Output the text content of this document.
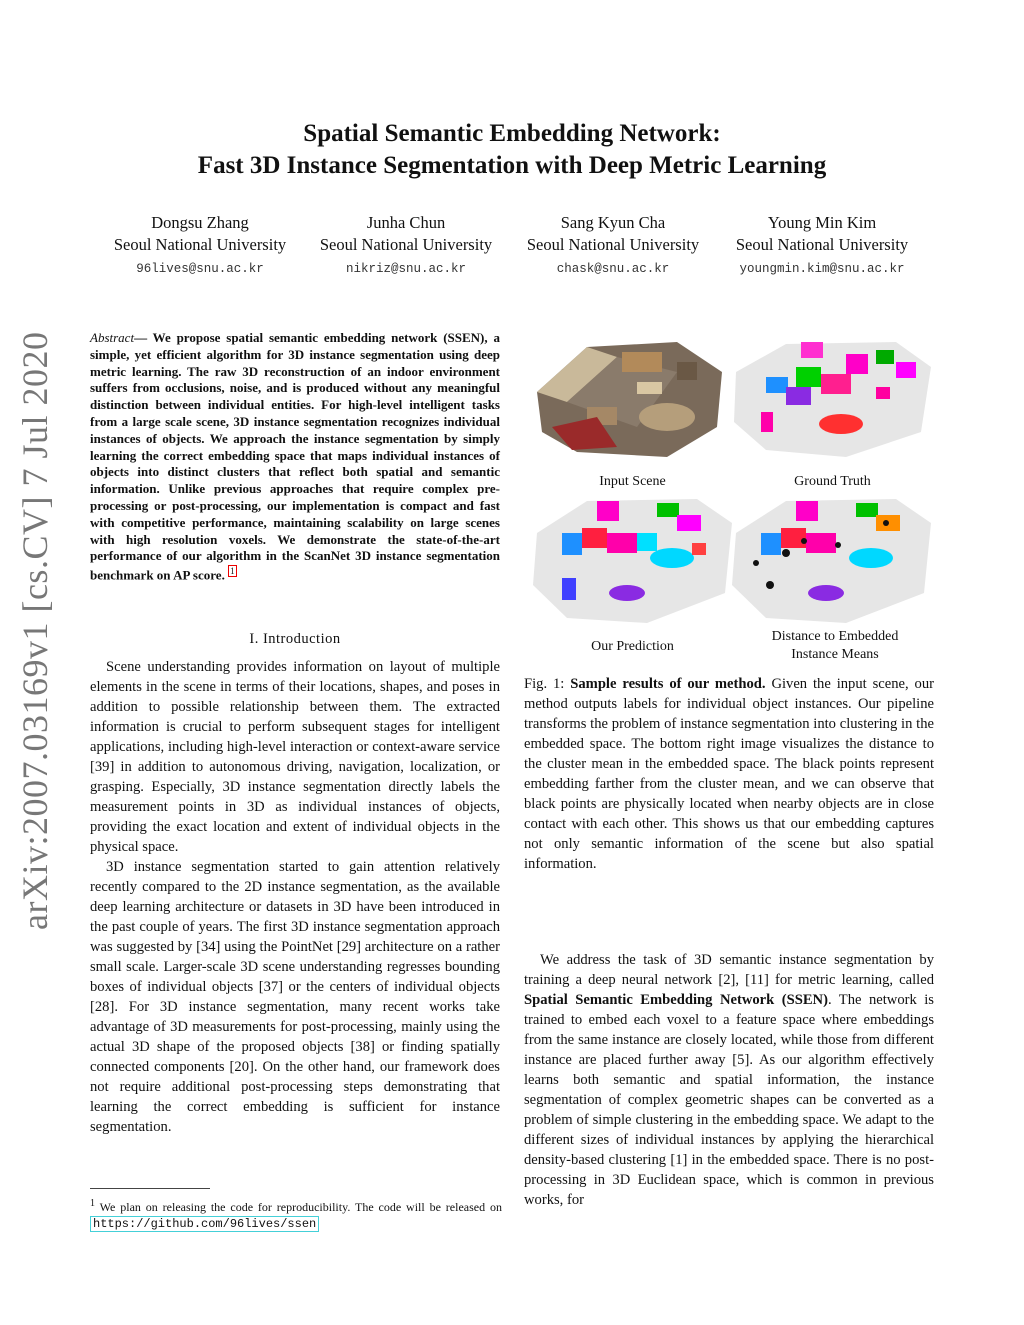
Spatial Semantic Embedding Network:
Fast 3D Instance Segmentation with Deep Metric Learning
Dongsu Zhang
Seoul National University
96lives@snu.ac.kr
Junha Chun
Seoul National University
nikriz@snu.ac.kr
Sang Kyun Cha
Seoul National University
chask@snu.ac.kr
Young Min Kim
Seoul National University
youngmin.kim@snu.ac.kr
arXiv:2007.03169v1 [cs.CV] 7 Jul 2020	Abstract— We propose spatial semantic embedding network (SSEN), a simple, yet efficient algorithm for 3D instance segmentation using deep metric learning. The raw 3D reconstruction of an indoor environment suffers from occlusions, noise, and is produced without any meaningful distinction between individual entities. For high-level intelligent tasks from a large scale scene, 3D instance segmentation recognizes individual instances of objects. We approach the instance segmentation by simply learning the correct embedding space that maps individual instances of objects into distinct clusters that reflect both spatial and semantic information. Unlike previous approaches that require complex pre-processing or post-processing, our implementation is compact and fast with competitive performance, maintaining scalability on large scenes with high resolution voxels. We demonstrate the state-of-the-art performance of our algorithm in the ScanNet 3D instance segmentation benchmark on AP score. 1
I. Introduction

Scene understanding provides information on layout of multiple elements in the scene in terms of their locations, shapes, and poses in addition to possible relationship between them. The extracted information is crucial to perform subsequent stages for intelligent applications, including high-level interaction or context-aware service [39] in addition to autonomous driving, navigation, localization, or grasping. Especially, 3D instance segmentation directly labels the measurement points in 3D as individual instances of objects, providing the exact location and extent of individual objects in the physical space.

3D instance segmentation started to gain attention relatively recently compared to the 2D instance segmentation, as the available deep learning architecture or datasets in 3D have been introduced in the past couple of years. The first 3D instance segmentation approach was suggested by [34] using the PointNet [29] architecture on a rather small scale. Larger-scale 3D scene understanding regresses bounding boxes of individual objects [37] or the centers of individual objects [28]. For 3D instance segmentation, many recent works take advantage of 3D measurements for post-processing, mainly using the actual 3D shape of the proposed objects [38] or finding spatially connected components [20]. On the other hand, our framework does not require additional post-processing steps demonstrating that learning the correct embedding is sufficient for instance segmentation.

$^1$ We plan on releasing the code for reproducibility. The code will be released on https://github.com/96lives/ssen
Input Scene	Ground Truth
Our Prediction
Distance to Embedded Instance Means
Fig. 1: Sample results of our method. Given the input scene, our method outputs labels for individual object instances. Our pipeline transforms the problem of instance segmentation into clustering in the embedded space. The bottom right image visualizes the distance to the cluster mean in the embedded space. The black points represent embedding farther from the cluster mean, and we can observe that black points are physically located when nearby objects are in close contact with each other. This shows us that our embedding captures not only semantic information of the scene but also spatial information.

We address the task of 3D semantic instance segmentation by training a deep neural network [2], [11] for metric learning, called Spatial Semantic Embedding Network (SSEN). The network is trained to embed each voxel to a feature space where embeddings from the same instance are closely located, while those from different instance are placed further away [5]. As our algorithm effectively learns both semantic and spatial information, the instance segmentation of complex geometric shapes can be converted as a problem of simple clustering in the embedding space. We adapt to the different sizes of individual instances by applying the hierarchical density-based clustering [1] in the embedded space. There is no post-processing in 3D Euclidean space, which is common in previous works, for
